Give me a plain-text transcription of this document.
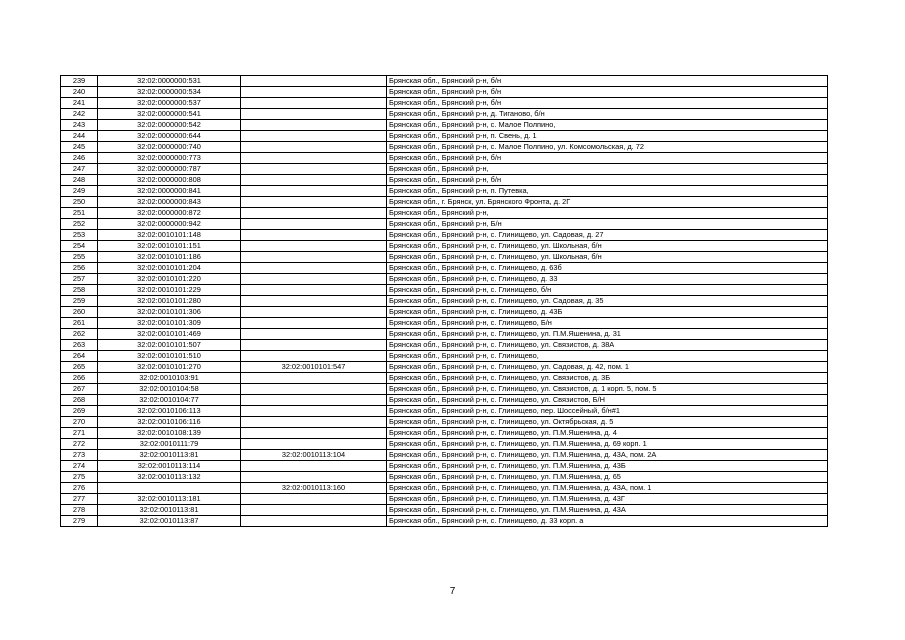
239	32:02:0000000:531		Брянская обл., Брянский р-н, б/н
240	32:02:0000000:534		Брянская обл., Брянский р-н, б/н
241	32:02:0000000:537		Брянская обл., Брянский р-н, б/н
242	32:02:0000000:541		Брянская обл., Брянский р-н, д. Тиганово, б/н
243	32:02:0000000:542		Брянская обл., Брянский р-н, с. Малое Полпино,
244	32:02:0000000:644		Брянская обл., Брянский р-н, п. Свень, д. 1
245	32:02:0000000:740		Брянская обл., Брянский р-н, с. Малое Полпино, ул. Комсомольская, д. 72
246	32:02:0000000:773		Брянская обл., Брянский р-н, б/н
247	32:02:0000000:787		Брянская обл., Брянский р-н,
248	32:02:0000000:808		Брянская обл., Брянский р-н, б/н
249	32:02:0000000:841		Брянская обл., Брянский р-н, п. Путевка,
250	32:02:0000000:843		Брянская обл., г. Брянск, ул. Брянского Фронта, д. 2Г
251	32:02:0000000:872		Брянская обл., Брянский р-н,
252	32:02:0000000:942		Брянская обл., Брянский р-н, Б/н
253	32:02:0010101:148		Брянская обл., Брянский р-н, с. Глинищево, ул. Садовая, д. 27
254	32:02:0010101:151		Брянская обл., Брянский р-н, с. Глинищево, ул. Школьная, б/н
255	32:02:0010101:186		Брянская обл., Брянский р-н, с. Глинищево, ул. Школьная, б/н
256	32:02:0010101:204		Брянская обл., Брянский р-н, с. Глинищево, д. 63б
257	32:02:0010101:220		Брянская обл., Брянский р-н, с. Глинищево, д. 33
258	32:02:0010101:229		Брянская обл., Брянский р-н, с. Глинищево, б/н
259	32:02:0010101:280		Брянская обл., Брянский р-н, с. Глинищево, ул. Садовая, д. 35
260	32:02:0010101:306		Брянская обл., Брянский р-н, с. Глинищево, д. 43Б
261	32:02:0010101:309		Брянская обл., Брянский р-н, с. Глинищево, Б/н
262	32:02:0010101:469		Брянская обл., Брянский р-н, с. Глинищево, ул. П.М.Яшенина, д. 31
263	32:02:0010101:507		Брянская обл., Брянский р-н, с. Глинищево, ул. Связистов, д. 38А
264	32:02:0010101:510		Брянская обл., Брянский р-н, с. Глинищево,
265	32:02:0010101:270	32:02:0010101:547	Брянская обл., Брянский р-н, с. Глинищево, ул. Садовая, д. 42, пом. 1
266	32:02:0010103:91		Брянская обл., Брянский р-н, с. Глинищево, ул. Связистов, д. 3Б
267	32:02:0010104:58		Брянская обл., Брянский р-н, с. Глинищево, ул. Связистов, д. 1 корп. 5, пом. 5
268	32:02:0010104:77		Брянская обл., Брянский р-н, с. Глинищево, ул. Связистов, Б/Н
269	32:02:0010106:113		Брянская обл., Брянский р-н, с. Глинищево, пер. Шоссейный, б/н#1
270	32:02:0010106:116		Брянская обл., Брянский р-н, с. Глинищево, ул. Октябрьская, д. 5
271	32:02:0010108:139		Брянская обл., Брянский р-н, с. Глинищево, ул. П.М.Яшенина, д. 4
272	32:02:0010111:79		Брянская обл., Брянский р-н, с. Глинищево, ул. П.М.Яшенина, д. 69 корп. 1
273	32:02:0010113:81	32:02:0010113:104	Брянская обл., Брянский р-н, с. Глинищево, ул. П.М.Яшенина, д. 43А, пом. 2А
274	32:02:0010113:114		Брянская обл., Брянский р-н, с. Глинищево, ул. П.М.Яшенина, д. 43Б
275	32:02:0010113:132		Брянская обл., Брянский р-н, с. Глинищево, ул. П.М.Яшенина, д. 65
276		32:02:0010113:160	Брянская обл., Брянский р-н, с. Глинищево, ул. П.М.Яшенина, д. 43А, пом. 1
277	32:02:0010113:181		Брянская обл., Брянский р-н, с. Глинищево, ул. П.М.Яшенина, д. 43Г
278	32:02:0010113:81		Брянская обл., Брянский р-н, с. Глинищево, ул. П.М.Яшенина, д. 43А
279	32:02:0010113:87		Брянская обл., Брянский р-н, с. Глинищево, д. 33 корп. а
7
